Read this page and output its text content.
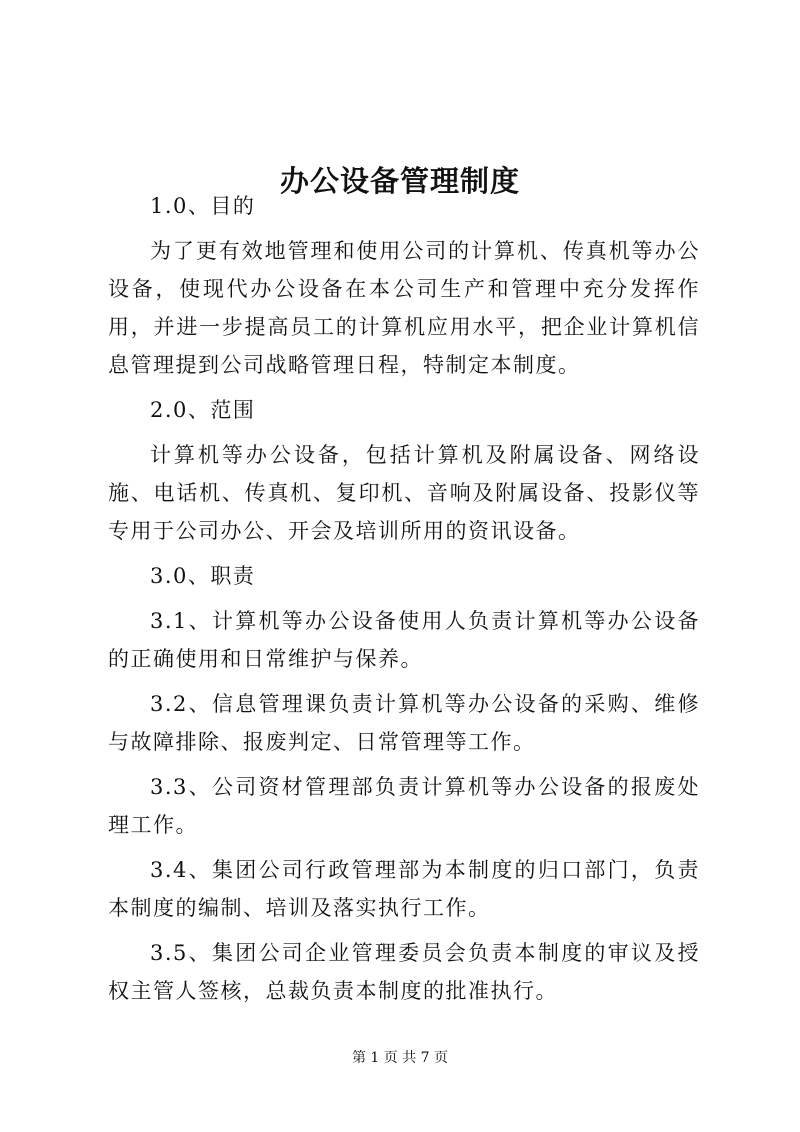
办公设备管理制度

1.0、目的

为了更有效地管理和使用公司的计算机、传真机等办公设备，使现代办公设备在本公司生产和管理中充分发挥作用，并进一步提高员工的计算机应用水平，把企业计算机信息管理提到公司战略管理日程，特制定本制度。

2.0、范围

计算机等办公设备，包括计算机及附属设备、网络设施、电话机、传真机、复印机、音响及附属设备、投影仪等专用于公司办公、开会及培训所用的资讯设备。

3.0、职责

3.1、计算机等办公设备使用人负责计算机等办公设备的正确使用和日常维护与保养。

3.2、信息管理课负责计算机等办公设备的采购、维修与故障排除、报废判定、日常管理等工作。

3.3、公司资材管理部负责计算机等办公设备的报废处理工作。

3.4、集团公司行政管理部为本制度的归口部门，负责本制度的编制、培训及落实执行工作。

3.5、集团公司企业管理委员会负责本制度的审议及授权主管人签核，总裁负责本制度的批准执行。

第 1 页 共 7 页
